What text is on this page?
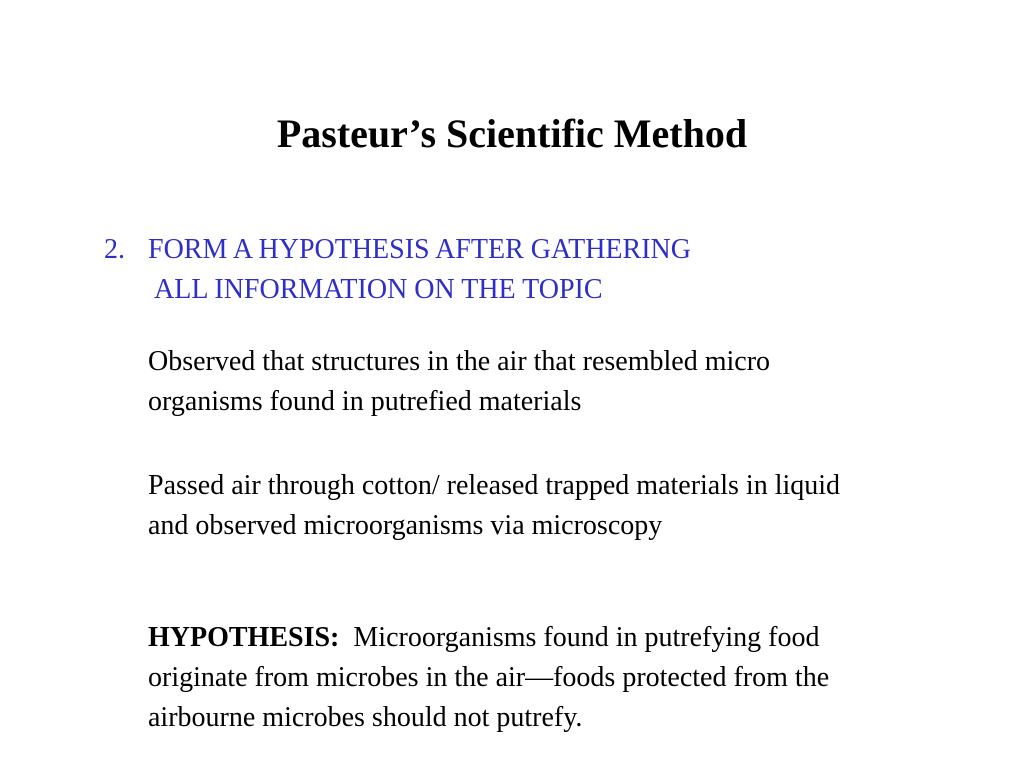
Pasteur’s Scientific Method
2. FORM A HYPOTHESIS AFTER GATHERING
ALL INFORMATION ON THE TOPIC
Observed that structures in the air that resembled micro
organisms found in putrefied materials
Passed air through cotton/ released trapped materials in liquid
and observed microorganisms via microscopy
HYPOTHESIS: Microorganisms found in putrefying food
originate from microbes in the air—foods protected from the
airbourne microbes should not putrefy.
